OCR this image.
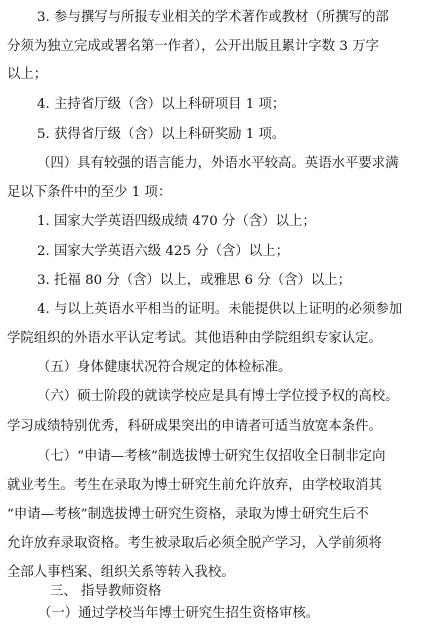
3. 参与撰写与所报专业相关的学术著作或教材（所撰写的部
分须为独立完成或署名第一作者），公开出版且累计字数 3 万字
以上；
4. 主持省厅级（含）以上科研项目 1 项；
5. 获得省厅级（含）以上科研奖励 1 项。
（四）具有较强的语言能力，外语水平较高。英语水平要求满
足以下条件中的至少 1 项：
1. 国家大学英语四级成绩 470 分（含）以上；
2. 国家大学英语六级 425 分（含）以上；
3. 托福 80 分（含）以上，或雅思 6 分（含）以上；
4. 与以上英语水平相当的证明。未能提供以上证明的必须参加
学院组织的外语水平认定考试。其他语种由学院组织专家认定。
（五）身体健康状况符合规定的体检标准。
（六）硕士阶段的就读学校应是具有博士学位授予权的高校。
学习成绩特别优秀，科研成果突出的申请者可适当放宽本条件。
（七）“申请—考核”制选拔博士研究生仅招收全日制非定向
就业考生。考生在录取为博士研究生前允许放弃，由学校取消其
“申请—考核”制选拔博士研究生资格，录取为博士研究生后不
允许放弃录取资格。考生被录取后必须全脱产学习，入学前须将
全部人事档案、组织关系等转入我校。
三、 指导教师资格
（一）通过学校当年博士研究生招生资格审核。
